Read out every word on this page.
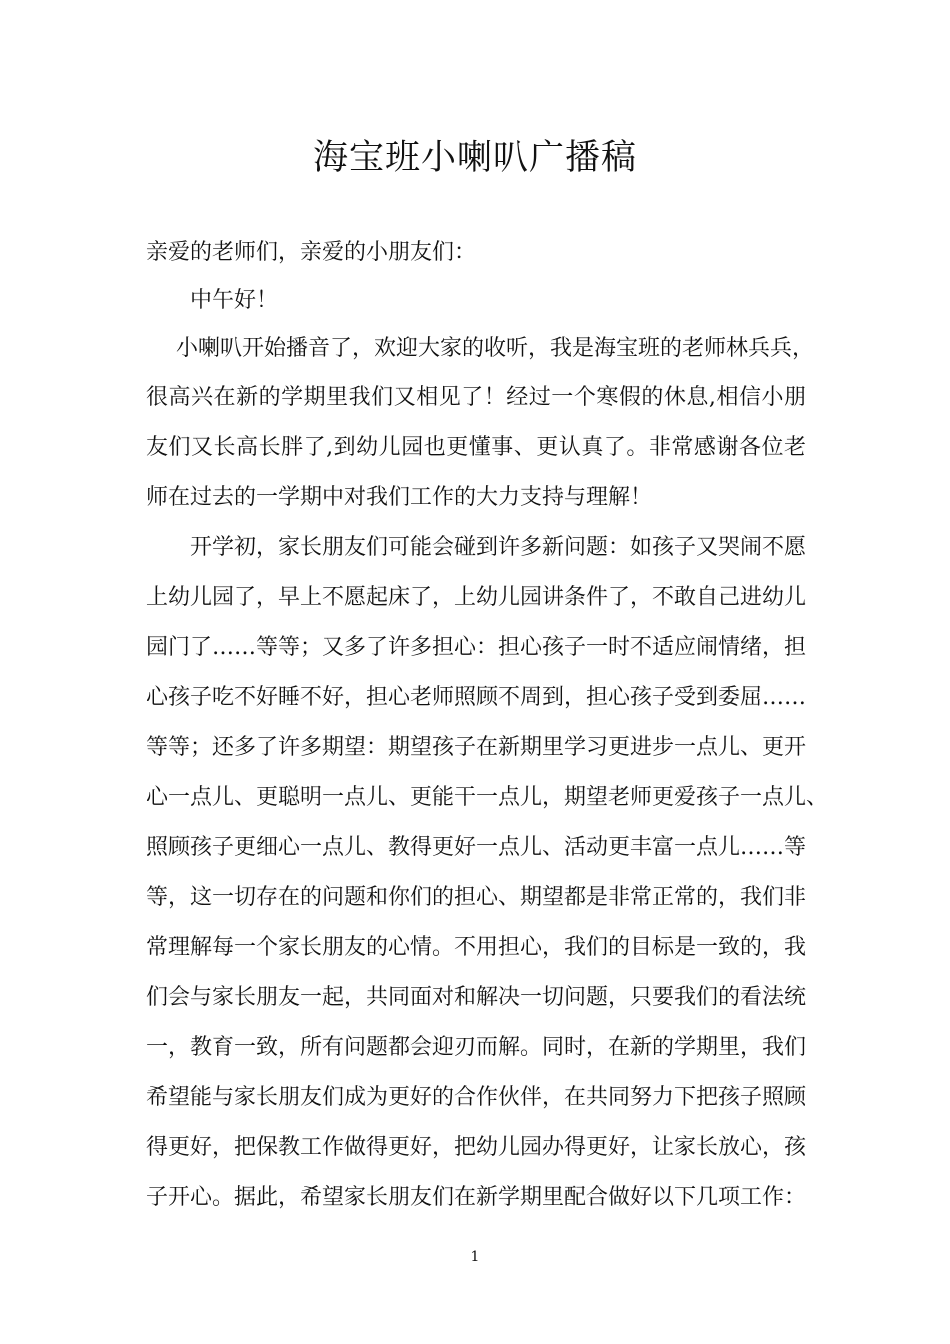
海宝班小喇叭广播稿

亲爱的老师们，亲爱的小朋友们：

中午好！

小喇叭开始播音了，欢迎大家的收听，我是海宝班的老师林兵兵，

很高兴在新的学期里我们又相见了！经过一个寒假的休息,相信小朋

友们又长高长胖了,到幼儿园也更懂事、更认真了。非常感谢各位老

师在过去的一学期中对我们工作的大力支持与理解！

开学初，家长朋友们可能会碰到许多新问题：如孩子又哭闹不愿

上幼儿园了，早上不愿起床了，上幼儿园讲条件了，不敢自己进幼儿

园门了……等等；又多了许多担心：担心孩子一时不适应闹情绪，担

心孩子吃不好睡不好，担心老师照顾不周到，担心孩子受到委屈……

等等；还多了许多期望：期望孩子在新期里学习更进步一点儿、更开

心一点儿、更聪明一点儿、更能干一点儿，期望老师更爱孩子一点儿、

照顾孩子更细心一点儿、教得更好一点儿、活动更丰富一点儿……等

等，这一切存在的问题和你们的担心、期望都是非常正常的，我们非

常理解每一个家长朋友的心情。不用担心，我们的目标是一致的，我

们会与家长朋友一起，共同面对和解决一切问题，只要我们的看法统

一，教育一致，所有问题都会迎刃而解。同时，在新的学期里，我们

希望能与家长朋友们成为更好的合作伙伴，在共同努力下把孩子照顾

得更好，把保教工作做得更好，把幼儿园办得更好，让家长放心，孩

子开心。据此，希望家长朋友们在新学期里配合做好以下几项工作：

1
